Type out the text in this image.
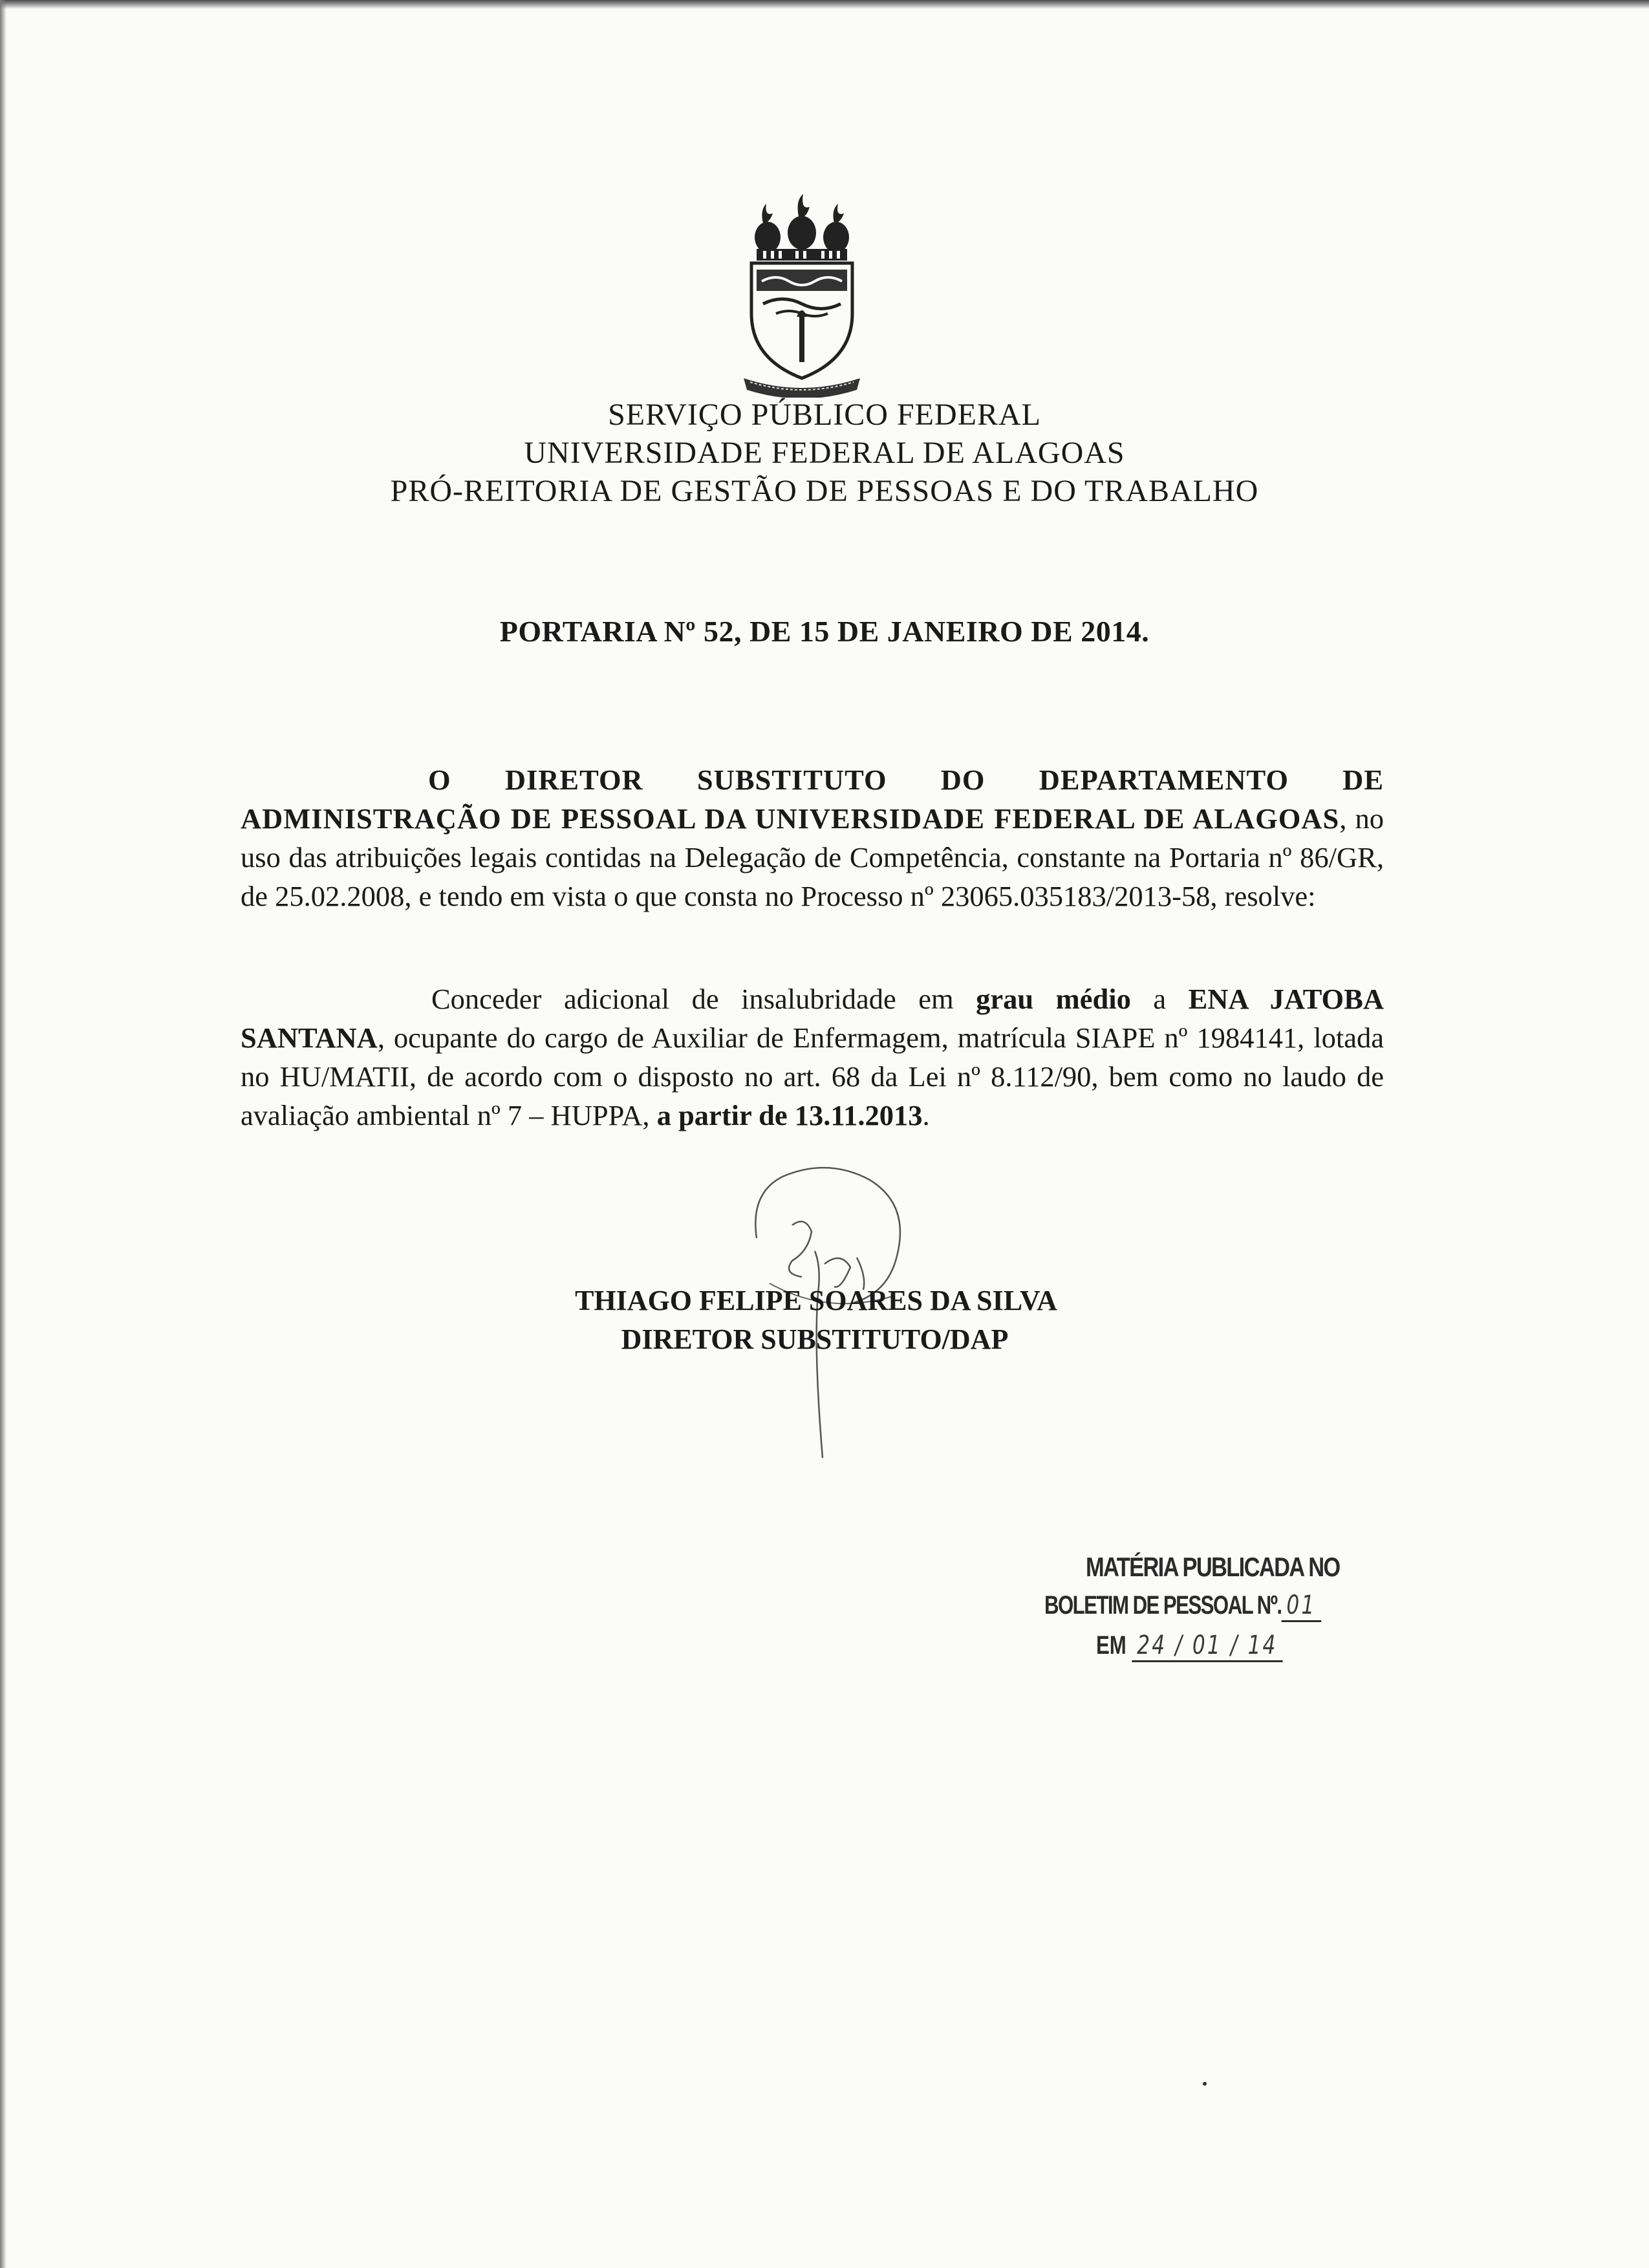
SERVIÇO PÚBLICO FEDERAL
UNIVERSIDADE FEDERAL DE ALAGOAS
PRÓ-REITORIA DE GESTÃO DE PESSOAS E DO TRABALHO
PORTARIA Nº 52, DE 15 DE JANEIRO DE 2014.
O DIRETOR SUBSTITUTO DO DEPARTAMENTO DE ADMINISTRAÇÃO DE PESSOAL DA UNIVERSIDADE FEDERAL DE ALAGOAS, no uso das atribuições legais contidas na Delegação de Competência, constante na Portaria nº 86/GR, de 25.02.2008, e tendo em vista o que consta no Processo nº 23065.035183/2013-58, resolve:
Conceder adicional de insalubridade em grau médio a ENA JATOBA SANTANA, ocupante do cargo de Auxiliar de Enfermagem, matrícula SIAPE nº 1984141, lotada no HU/MATII, de acordo com o disposto no art. 68 da Lei nº 8.112/90, bem como no laudo de avaliação ambiental nº 7 – HUPPA, a partir de 13.11.2013.
THIAGO FELIPE SOARES DA SILVA
DIRETOR SUBSTITUTO/DAP
MATÉRIA PUBLICADA NO
BOLETIM DE PESSOAL Nº. 01
EM 24 / 01 / 14
